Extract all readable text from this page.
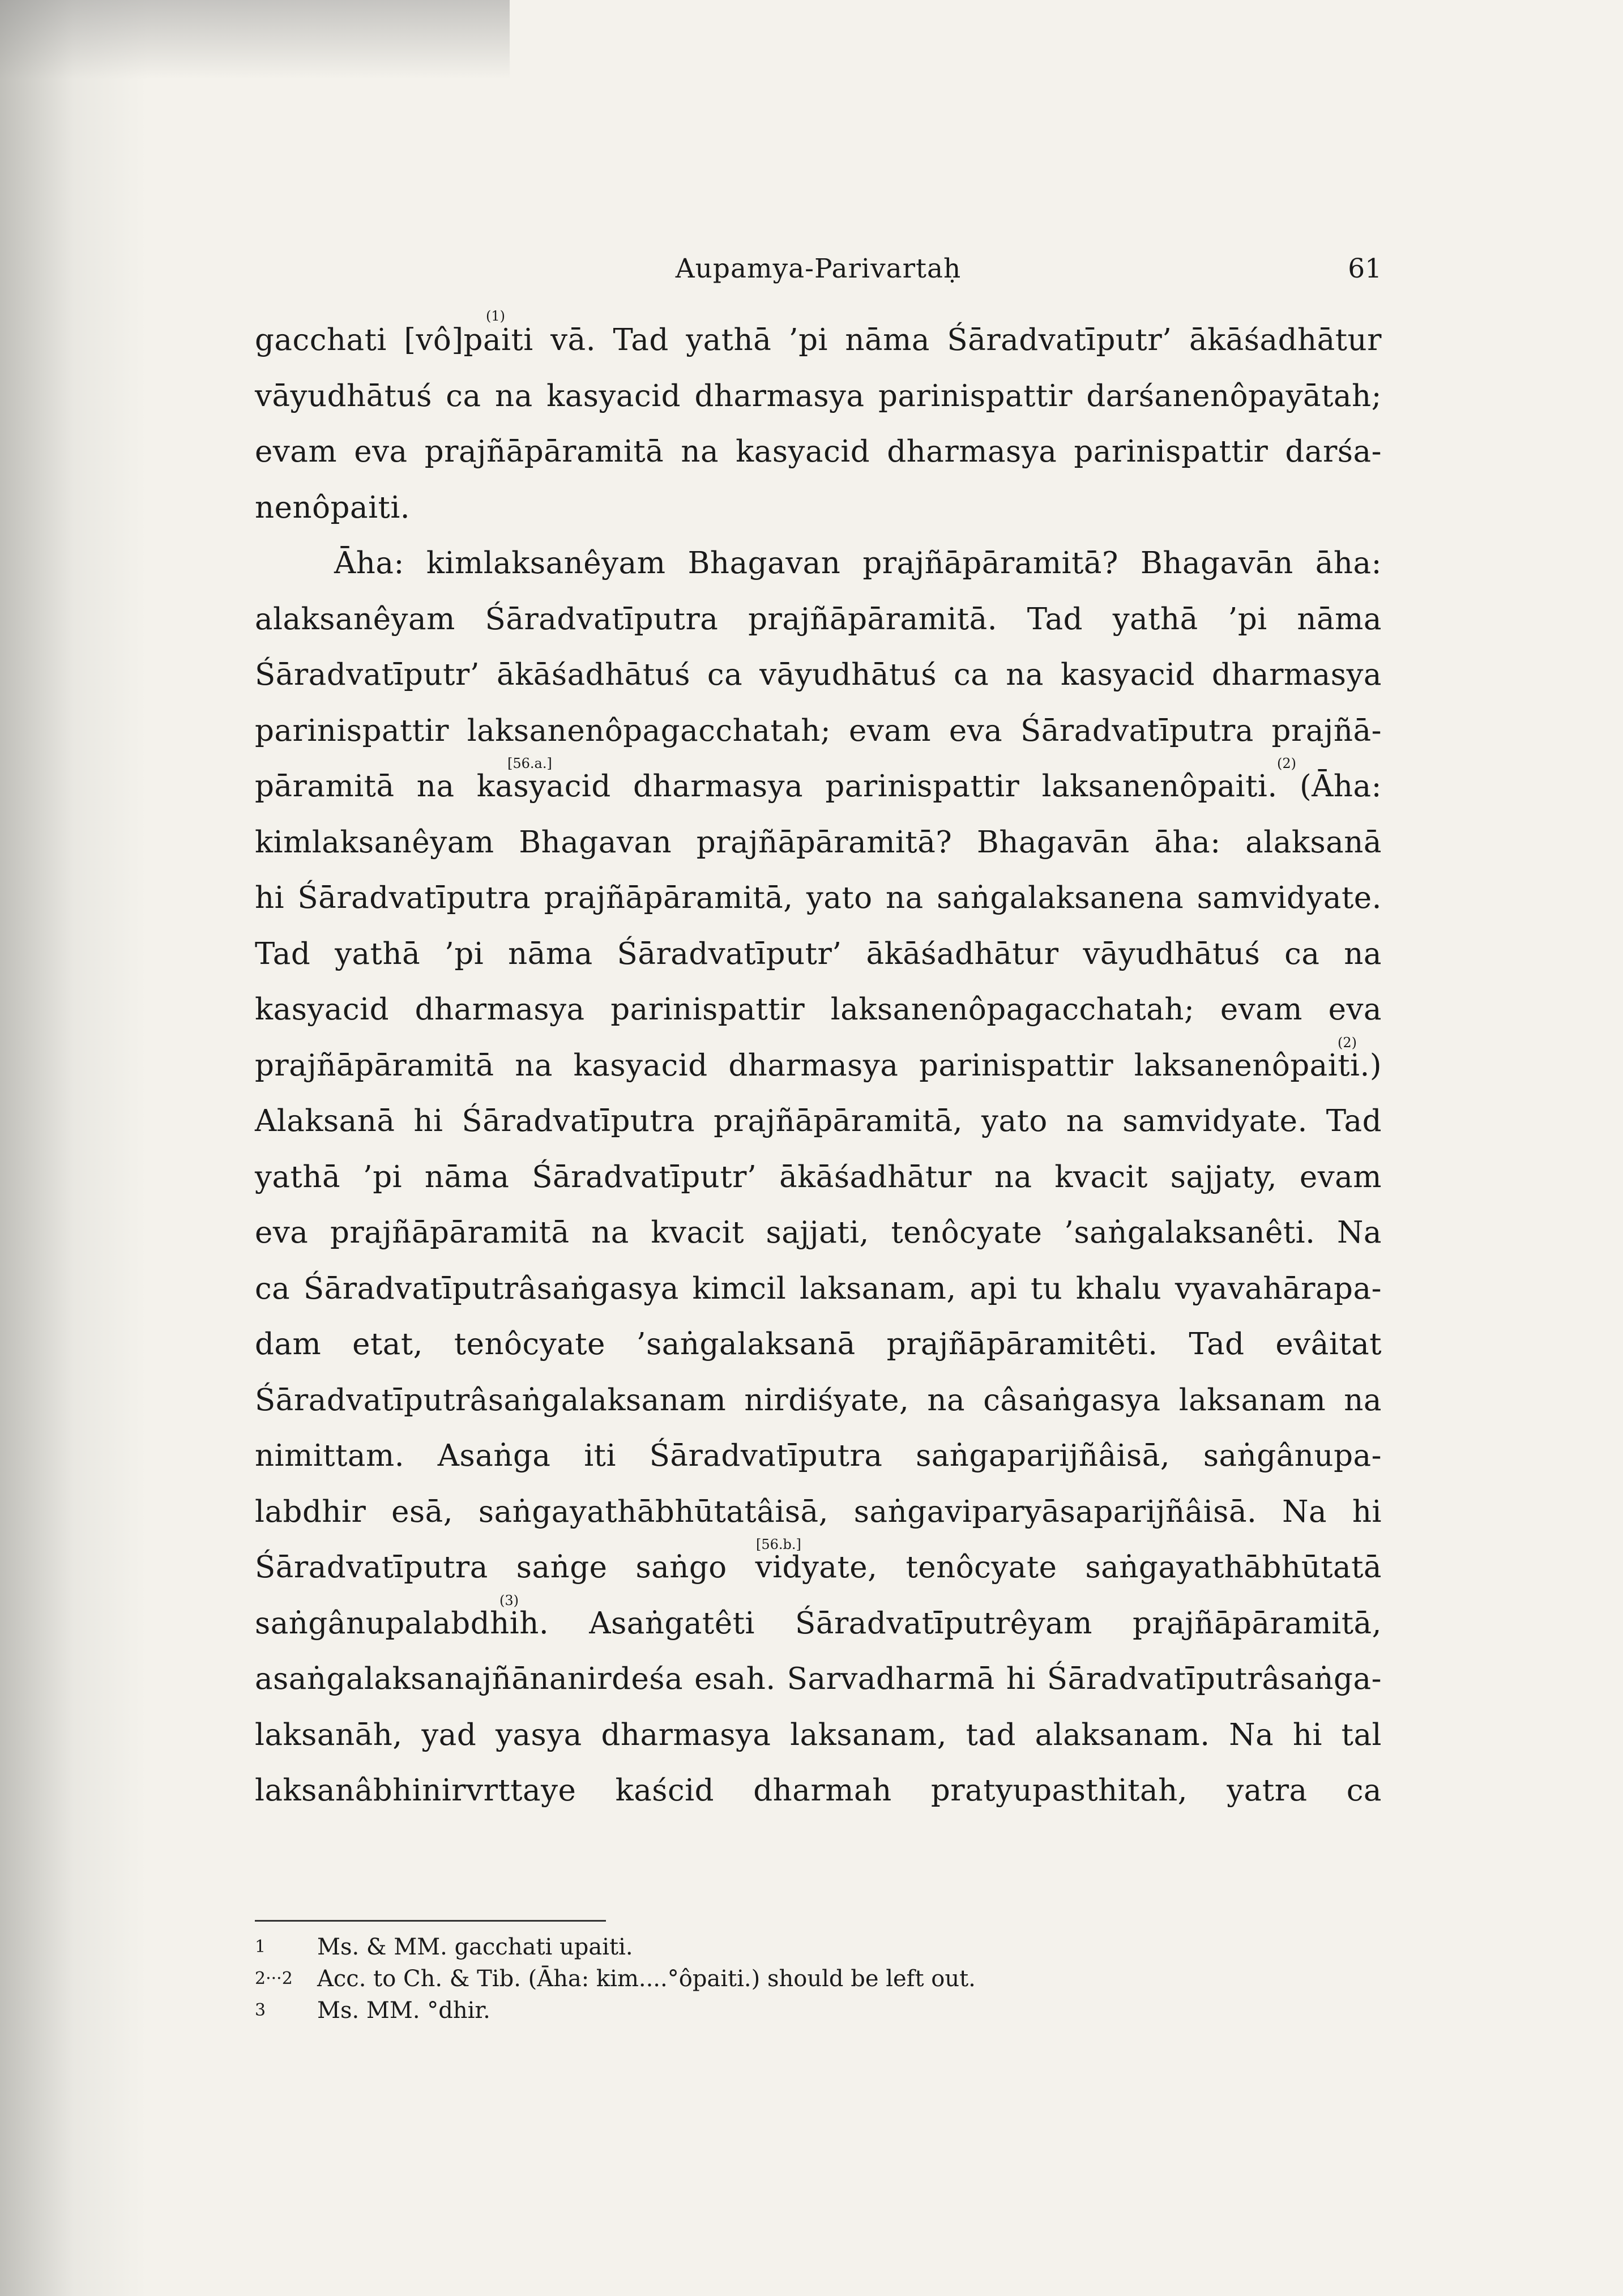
Aupamya-Parivartaḥ	61
(1)
gacchati [vô]paiti vā. Tad yathā ’pi nāma Śāradvatīputr’ ākāśadhātur
vāyudhātuś ca na kasyacid dharmasya parinispattir darśanenôpayātah;
evam eva prajñāpāramitā na kasyacid dharmasya parinispattir darśa-
nenôpaiti.
Āha: kimlaksanêyam Bhagavan prajñāpāramitā? Bhagavān āha:
alaksanêyam Śāradvatīputra prajñāpāramitā. Tad yathā ’pi nāma
Śāradvatīputr’ ākāśadhātuś ca vāyudhātuś ca na kasyacid dharmasya
parinispattir laksanenôpagacchatah; evam eva Śāradvatīputra prajñā-
[56.a.]	(2)
pāramitā na kasyacid dharmasya parinispattir laksanenôpaiti. (Āha:
kimlaksanêyam Bhagavan prajñāpāramitā? Bhagavān āha: alaksanā
hi Śāradvatīputra prajñāpāramitā, yato na saṅgalaksanena samvidyate.
Tad yathā ’pi nāma Śāradvatīputr’ ākāśadhātur vāyudhātuś ca na
kasyacid dharmasya parinispattir laksanenôpagacchatah; evam eva
(2)
prajñāpāramitā na kasyacid dharmasya parinispattir laksanenôpaiti.)
Alaksanā hi Śāradvatīputra prajñāpāramitā, yato na samvidyate. Tad
yathā ’pi nāma Śāradvatīputr’ ākāśadhātur na kvacit sajjaty, evam
eva prajñāpāramitā na kvacit sajjati, tenôcyate ’saṅgalaksanêti. Na
ca Śāradvatīputrâsaṅgasya kimcil laksanam, api tu khalu vyavahārapa-
dam etat, tenôcyate ’saṅgalaksanā prajñāpāramitêti. Tad evâitat
Śāradvatīputrâsaṅgalaksanam nirdiśyate, na câsaṅgasya laksanam na
nimittam. Asaṅga iti Śāradvatīputra saṅgaparijñâisā, saṅgânupa-
labdhir esā, saṅgayathābhūtatâisā, saṅgaviparyāsaparijñâisā. Na hi
[56.b.]
Śāradvatīputra saṅge saṅgo vidyate, tenôcyate saṅgayathābhūtatā
(3)
saṅgânupalabdhih. Asaṅgatêti Śāradvatīputrêyam prajñāpāramitā,
asaṅgalaksanajñānanirdeśa esah. Sarvadharmā hi Śāradvatīputrâsaṅga-
laksanāh, yad yasya dharmasya laksanam, tad alaksanam. Na hi tal
laksanâbhinirvrttaye kaścid dharmah pratyupasthitah, yatra ca
1 Ms. & MM. gacchati upaiti.
2···2 Acc. to Ch. & Tib. (Āha: kim....°ôpaiti.) should be left out.
3 Ms. MM. °dhir.
